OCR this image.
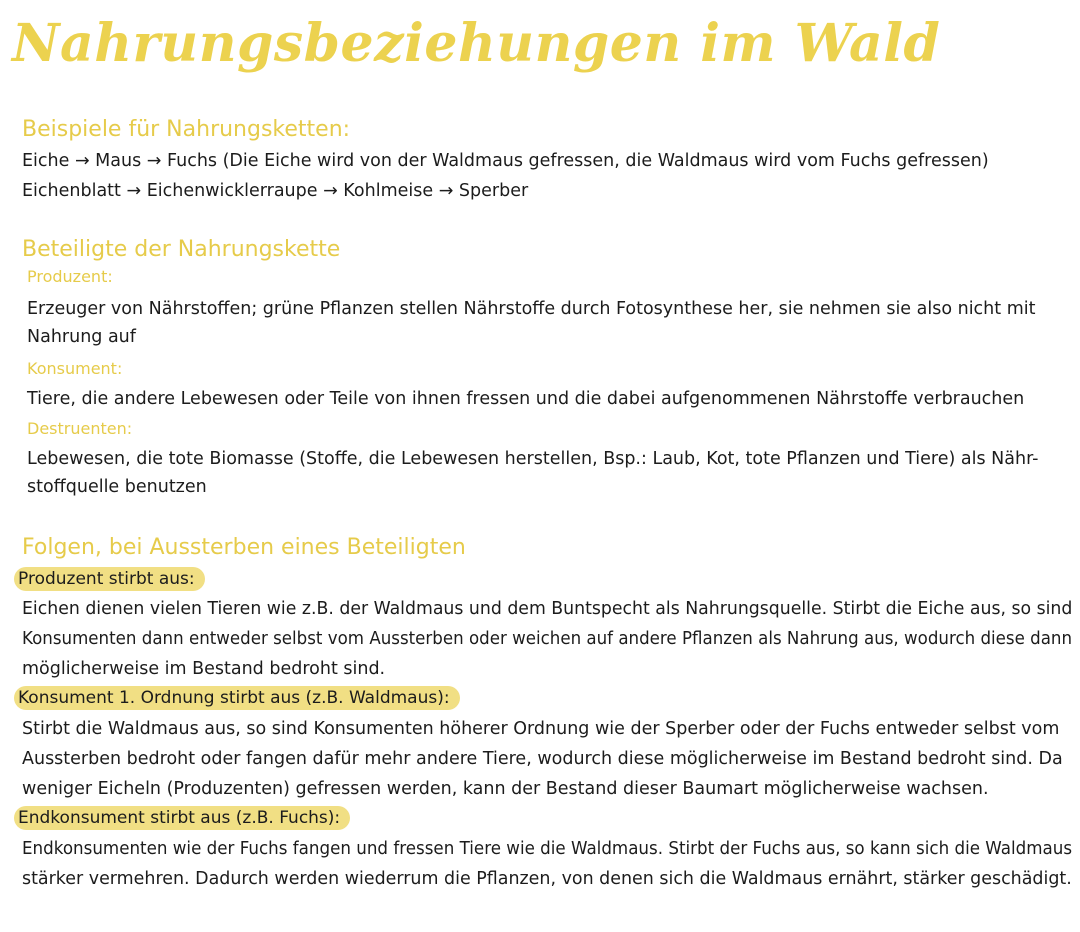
Nahrungsbeziehungen im Wald
Beispiele für Nahrungsketten:
Eiche → Maus → Fuchs (Die Eiche wird von der Waldmaus gefressen, die Waldmaus wird vom Fuchs gefressen)
Eichenblatt → Eichenwicklerraupe → Kohlmeise → Sperber
Beteiligte der Nahrungskette
Produzent:
Erzeuger von Nährstoffen; grüne Pflanzen stellen Nährstoffe durch Fotosynthese her, sie nehmen sie also nicht mit
Nahrung auf
Konsument:
Tiere, die andere Lebewesen oder Teile von ihnen fressen und die dabei aufgenommenen Nährstoffe verbrauchen
Destruenten:
Lebewesen, die tote Biomasse (Stoffe, die Lebewesen herstellen, Bsp.: Laub, Kot, tote Pflanzen und Tiere) als Nähr-
stoffquelle benutzen
Folgen, bei Aussterben eines Beteiligten
Produzent stirbt aus:
Eichen dienen vielen Tieren wie z.B. der Waldmaus und dem Buntspecht als Nahrungsquelle. Stirbt die Eiche aus, so sind
Konsumenten dann entweder selbst vom Aussterben oder weichen auf andere Pflanzen als Nahrung aus, wodurch diese dann
möglicherweise im Bestand bedroht sind.
Konsument 1. Ordnung stirbt aus (z.B. Waldmaus):
Stirbt die Waldmaus aus, so sind Konsumenten höherer Ordnung wie der Sperber oder der Fuchs entweder selbst vom
Aussterben bedroht oder fangen dafür mehr andere Tiere, wodurch diese möglicherweise im Bestand bedroht sind. Da
weniger Eicheln (Produzenten) gefressen werden, kann der Bestand dieser Baumart möglicherweise wachsen.
Endkonsument stirbt aus (z.B. Fuchs):
Endkonsumenten wie der Fuchs fangen und fressen Tiere wie die Waldmaus. Stirbt der Fuchs aus, so kann sich die Waldmaus
stärker vermehren. Dadurch werden wiederrum die Pflanzen, von denen sich die Waldmaus ernährt, stärker geschädigt.
